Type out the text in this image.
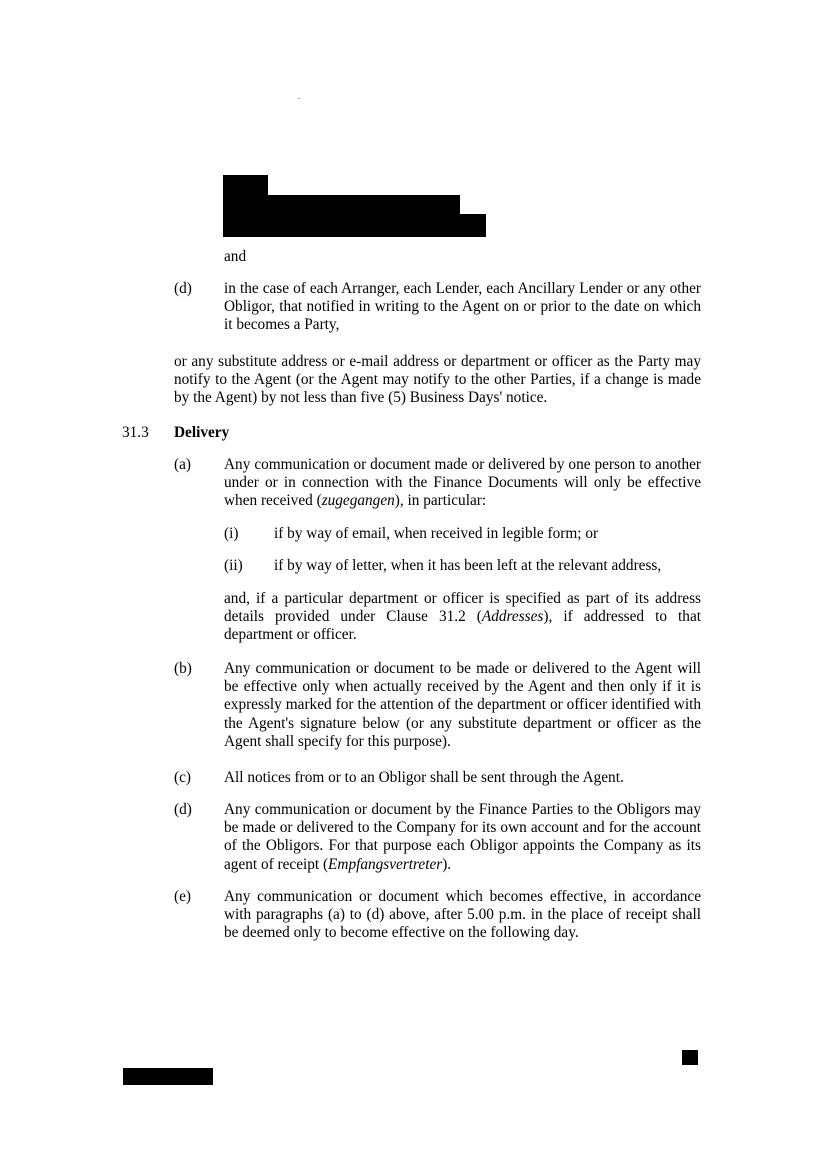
.
and
(d) in the case of each Arranger, each Lender, each Ancillary Lender or any other Obligor, that notified in writing to the Agent on or prior to the date on which it becomes a Party,
or any substitute address or e-mail address or department or officer as the Party may notify to the Agent (or the Agent may notify to the other Parties, if a change is made by the Agent) by not less than five (5) Business Days' notice.
31.3 Delivery
(a) Any communication or document made or delivered by one person to another under or in connection with the Finance Documents will only be effective when received (zugegangen), in particular:
(i) if by way of email, when received in legible form; or
(ii) if by way of letter, when it has been left at the relevant address,
and, if a particular department or officer is specified as part of its address details provided under Clause 31.2 (Addresses), if addressed to that department or officer.
(b) Any communication or document to be made or delivered to the Agent will be effective only when actually received by the Agent and then only if it is expressly marked for the attention of the department or officer identified with the Agent's signature below (or any substitute department or officer as the Agent shall specify for this purpose).
(c) All notices from or to an Obligor shall be sent through the Agent.
(d) Any communication or document by the Finance Parties to the Obligors may be made or delivered to the Company for its own account and for the account of the Obligors. For that purpose each Obligor appoints the Company as its agent of receipt (Empfangsvertreter).
(e) Any communication or document which becomes effective, in accordance with paragraphs (a) to (d) above, after 5.00 p.m. in the place of receipt shall be deemed only to become effective on the following day.
